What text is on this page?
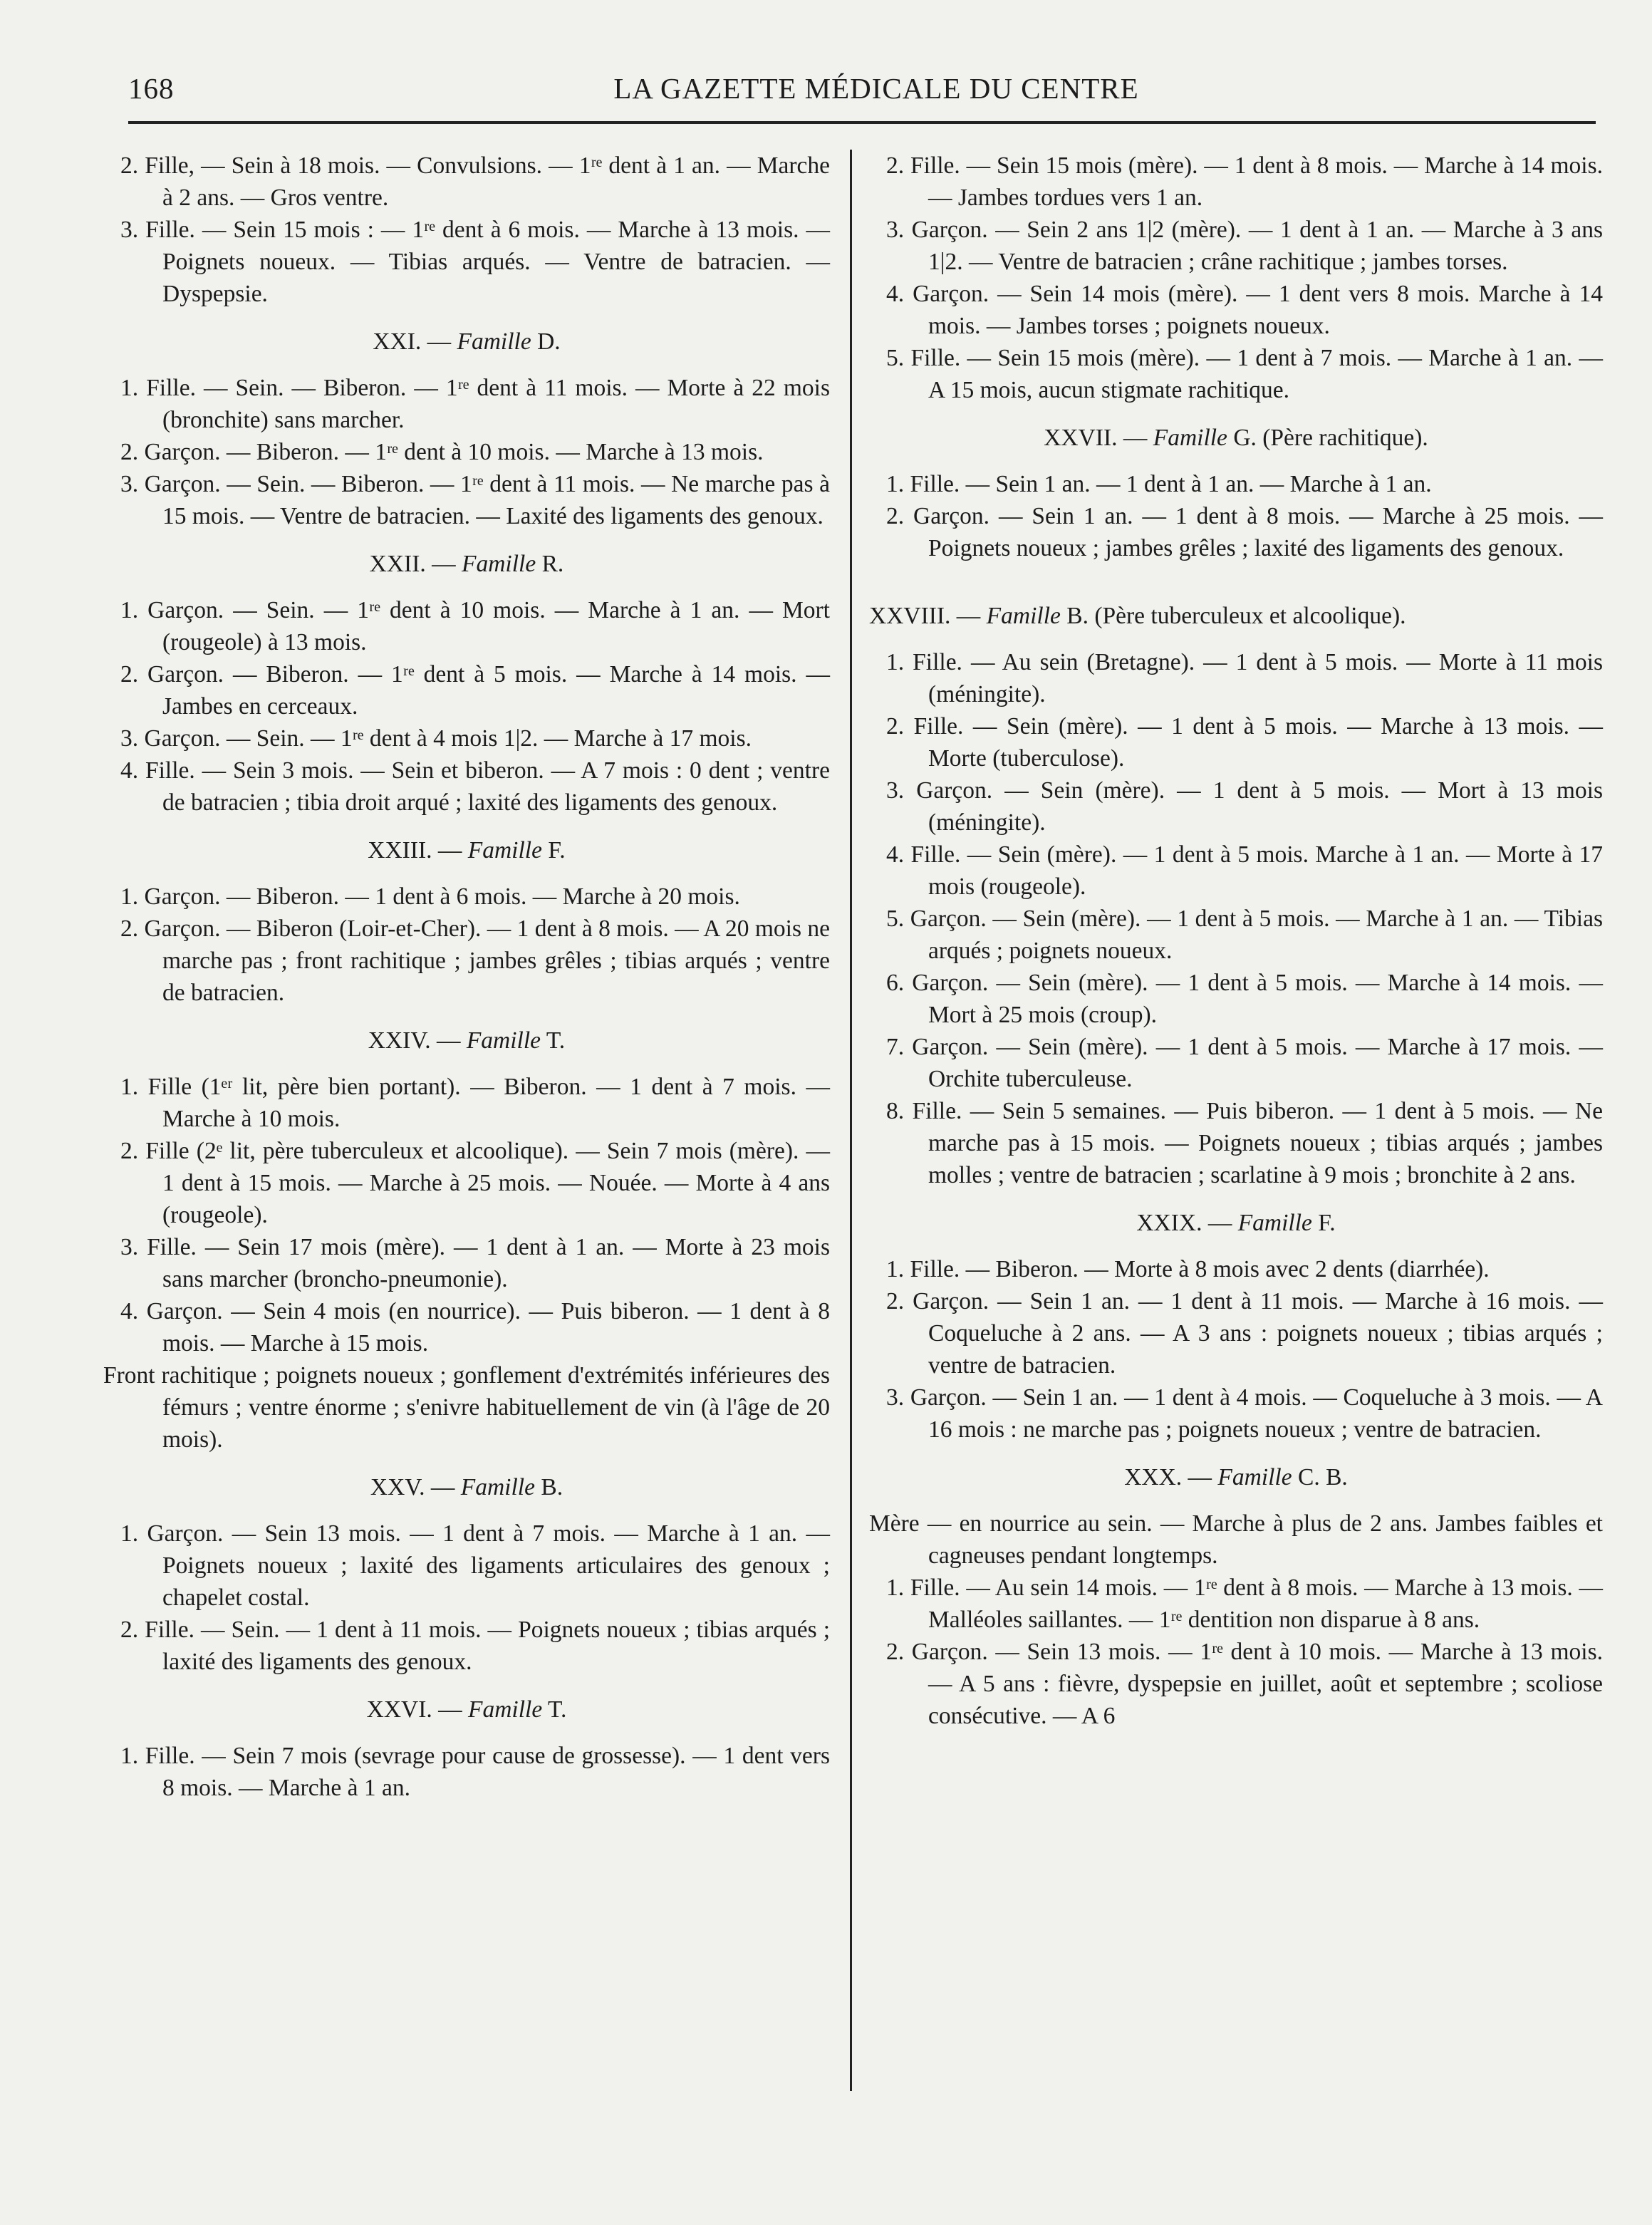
168	LA GAZETTE MÉDICALE DU CENTRE

2. Fille, — Sein à 18 mois. — Convulsions. — 1ʳᵉ dent à 1 an. — Marche à 2 ans. — Gros ventre.

3. Fille. — Sein 15 mois : — 1ʳᵉ dent à 6 mois. — Marche à 13 mois. — Poignets noueux. — Tibias arqués. — Ventre de batracien. — Dyspepsie.

XXI. — Famille D.

1. Fille. — Sein. — Biberon. — 1ʳᵉ dent à 11 mois. — Morte à 22 mois (bronchite) sans marcher.

2. Garçon. — Biberon. — 1ʳᵉ dent à 10 mois. — Marche à 13 mois.

3. Garçon. — Sein. — Biberon. — 1ʳᵉ dent à 11 mois. — Ne marche pas à 15 mois. — Ventre de batracien. — Laxité des ligaments des genoux.

XXII. — Famille R.

1. Garçon. — Sein. — 1ʳᵉ dent à 10 mois. — Marche à 1 an. — Mort (rougeole) à 13 mois.

2. Garçon. — Biberon. — 1ʳᵉ dent à 5 mois. — Marche à 14 mois. — Jambes en cerceaux.

3. Garçon. — Sein. — 1ʳᵉ dent à 4 mois 1|2. — Marche à 17 mois.

4. Fille. — Sein 3 mois. — Sein et biberon. — A 7 mois : 0 dent ; ventre de batracien ; tibia droit arqué ; laxité des ligaments des genoux.

XXIII. — Famille F.

1. Garçon. — Biberon. — 1 dent à 6 mois. — Marche à 20 mois.

2. Garçon. — Biberon (Loir-et-Cher). — 1 dent à 8 mois. — A 20 mois ne marche pas ; front rachitique ; jambes grêles ; tibias arqués ; ventre de batracien.

XXIV. — Famille T.

1. Fille (1ᵉʳ lit, père bien portant). — Biberon. — 1 dent à 7 mois. — Marche à 10 mois.

2. Fille (2ᵉ lit, père tuberculeux et alcoolique). — Sein 7 mois (mère). — 1 dent à 15 mois. — Marche à 25 mois. — Nouée. — Morte à 4 ans (rougeole).

3. Fille. — Sein 17 mois (mère). — 1 dent à 1 an. — Morte à 23 mois sans marcher (broncho-pneumonie).

4. Garçon. — Sein 4 mois (en nourrice). — Puis biberon. — 1 dent à 8 mois. — Marche à 15 mois.

Front rachitique ; poignets noueux ; gonflement d'extrémités inférieures des fémurs ; ventre énorme ; s'enivre habituellement de vin (à l'âge de 20 mois).

XXV. — Famille B.

1. Garçon. — Sein 13 mois. — 1 dent à 7 mois. — Marche à 1 an. — Poignets noueux ; laxité des ligaments articulaires des genoux ; chapelet costal.

2. Fille. — Sein. — 1 dent à 11 mois. — Poignets noueux ; tibias arqués ; laxité des ligaments des genoux.

XXVI. — Famille T.

1. Fille. — Sein 7 mois (sevrage pour cause de grossesse). — 1 dent vers 8 mois. — Marche à 1 an.

2. Fille. — Sein 15 mois (mère). — 1 dent à 8 mois. — Marche à 14 mois. — Jambes tordues vers 1 an.

3. Garçon. — Sein 2 ans 1|2 (mère). — 1 dent à 1 an. — Marche à 3 ans 1|2. — Ventre de batracien ; crâne rachitique ; jambes torses.

4. Garçon. — Sein 14 mois (mère). — 1 dent vers 8 mois. Marche à 14 mois. — Jambes torses ; poignets noueux.

5. Fille. — Sein 15 mois (mère). — 1 dent à 7 mois. — Marche à 1 an. — A 15 mois, aucun stigmate rachitique.

XXVII. — Famille G. (Père rachitique).

1. Fille. — Sein 1 an. — 1 dent à 1 an. — Marche à 1 an.

2. Garçon. — Sein 1 an. — 1 dent à 8 mois. — Marche à 25 mois. — Poignets noueux ; jambes grêles ; laxité des ligaments des genoux.

XXVIII. — Famille B. (Père tuberculeux et alcoolique).

1. Fille. — Au sein (Bretagne). — 1 dent à 5 mois. — Morte à 11 mois (méningite).

2. Fille. — Sein (mère). — 1 dent à 5 mois. — Marche à 13 mois. — Morte (tuberculose).

3. Garçon. — Sein (mère). — 1 dent à 5 mois. — Mort à 13 mois (méningite).

4. Fille. — Sein (mère). — 1 dent à 5 mois. Marche à 1 an. — Morte à 17 mois (rougeole).

5. Garçon. — Sein (mère). — 1 dent à 5 mois. — Marche à 1 an. — Tibias arqués ; poignets noueux.

6. Garçon. — Sein (mère). — 1 dent à 5 mois. — Marche à 14 mois. — Mort à 25 mois (croup).

7. Garçon. — Sein (mère). — 1 dent à 5 mois. — Marche à 17 mois. — Orchite tuberculeuse.

8. Fille. — Sein 5 semaines. — Puis biberon. — 1 dent à 5 mois. — Ne marche pas à 15 mois. — Poignets noueux ; tibias arqués ; jambes molles ; ventre de batracien ; scarlatine à 9 mois ; bronchite à 2 ans.

XXIX. — Famille F.

1. Fille. — Biberon. — Morte à 8 mois avec 2 dents (diarrhée).

2. Garçon. — Sein 1 an. — 1 dent à 11 mois. — Marche à 16 mois. — Coqueluche à 2 ans. — A 3 ans : poignets noueux ; tibias arqués ; ventre de batracien.

3. Garçon. — Sein 1 an. — 1 dent à 4 mois. — Coqueluche à 3 mois. — A 16 mois : ne marche pas ; poignets noueux ; ventre de batracien.

XXX. — Famille C. B.

Mère — en nourrice au sein. — Marche à plus de 2 ans. Jambes faibles et cagneuses pendant longtemps.

1. Fille. — Au sein 14 mois. — 1ʳᵉ dent à 8 mois. — Marche à 13 mois. — Malléoles saillantes. — 1ʳᵉ dentition non disparue à 8 ans.

2. Garçon. — Sein 13 mois. — 1ʳᵉ dent à 10 mois. — Marche à 13 mois. — A 5 ans : fièvre, dyspepsie en juillet, août et septembre ; scoliose consécutive. — A 6
